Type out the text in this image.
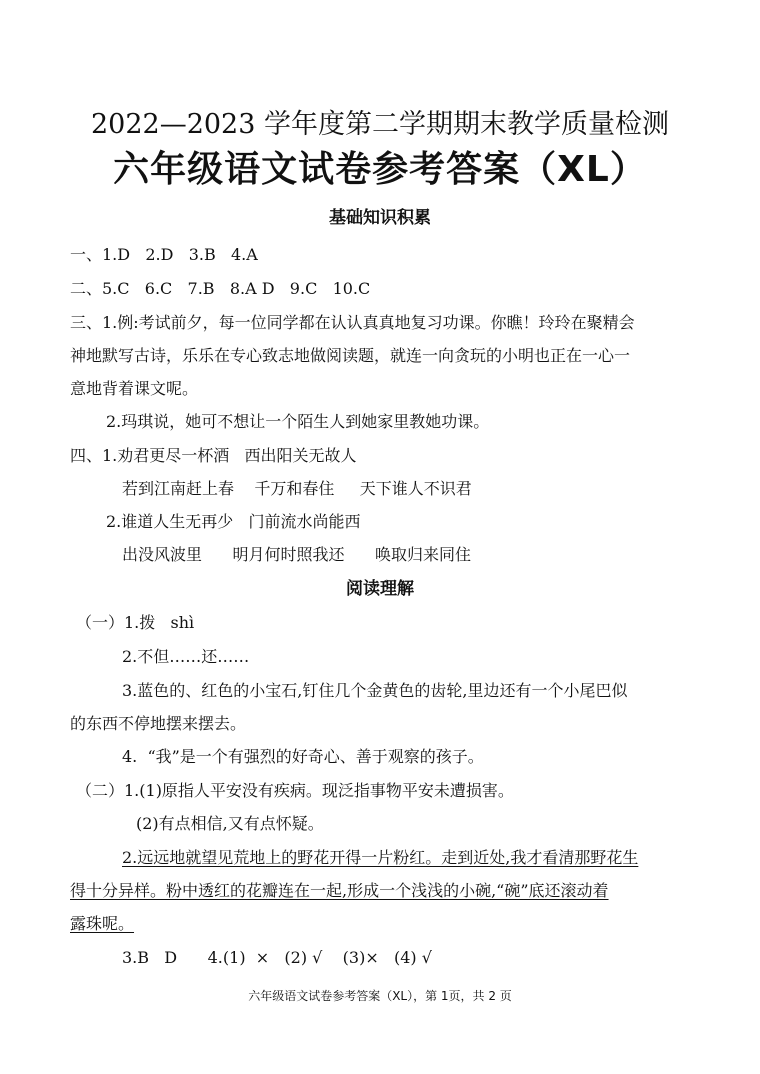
2022—2023 学年度第二学期期末教学质量检测
六年级语文试卷参考答案（XL）
基础知识积累
一、1.D   2.D   3.B   4.A
二、5.C   6.C   7.B   8.A D   9.C   10.C
三、1.例:考试前夕，每一位同学都在认认真真地复习功课。你瞧！玲玲在聚精会
神地默写古诗，乐乐在专心致志地做阅读题，就连一向贪玩的小明也正在一心一
意地背着课文呢。
2.玛琪说，她可不想让一个陌生人到她家里教她功课。
四、1.劝君更尽一杯酒   西出阳关无故人
若到江南赶上春    千万和春住     天下谁人不识君
2.谁道人生无再少   门前流水尚能西
出没风波里      明月何时照我还      唤取归来同住
阅读理解
（一）1.拨   shì
2.不但……还……
3.蓝色的、红色的小宝石,钉住几个金黄色的齿轮,里边还有一个小尾巴似
的东西不停地摆来摆去。
4.  “我”是一个有强烈的好奇心、善于观察的孩子。
（二）1.(1)原指人平安没有疾病。现泛指事物平安未遭损害。
(2)有点相信,又有点怀疑。
2.远远地就望见荒地上的野花开得一片粉红。走到近处,我才看清那野花生
得十分异样。粉中透红的花瓣连在一起,形成一个浅浅的小碗,“碗”底还滚动着
露珠呢。
3.B   D      4.(1)  ×   (2) √    (3)×   (4) √
六年级语文试卷参考答案（XL），第 1页，共 2 页
